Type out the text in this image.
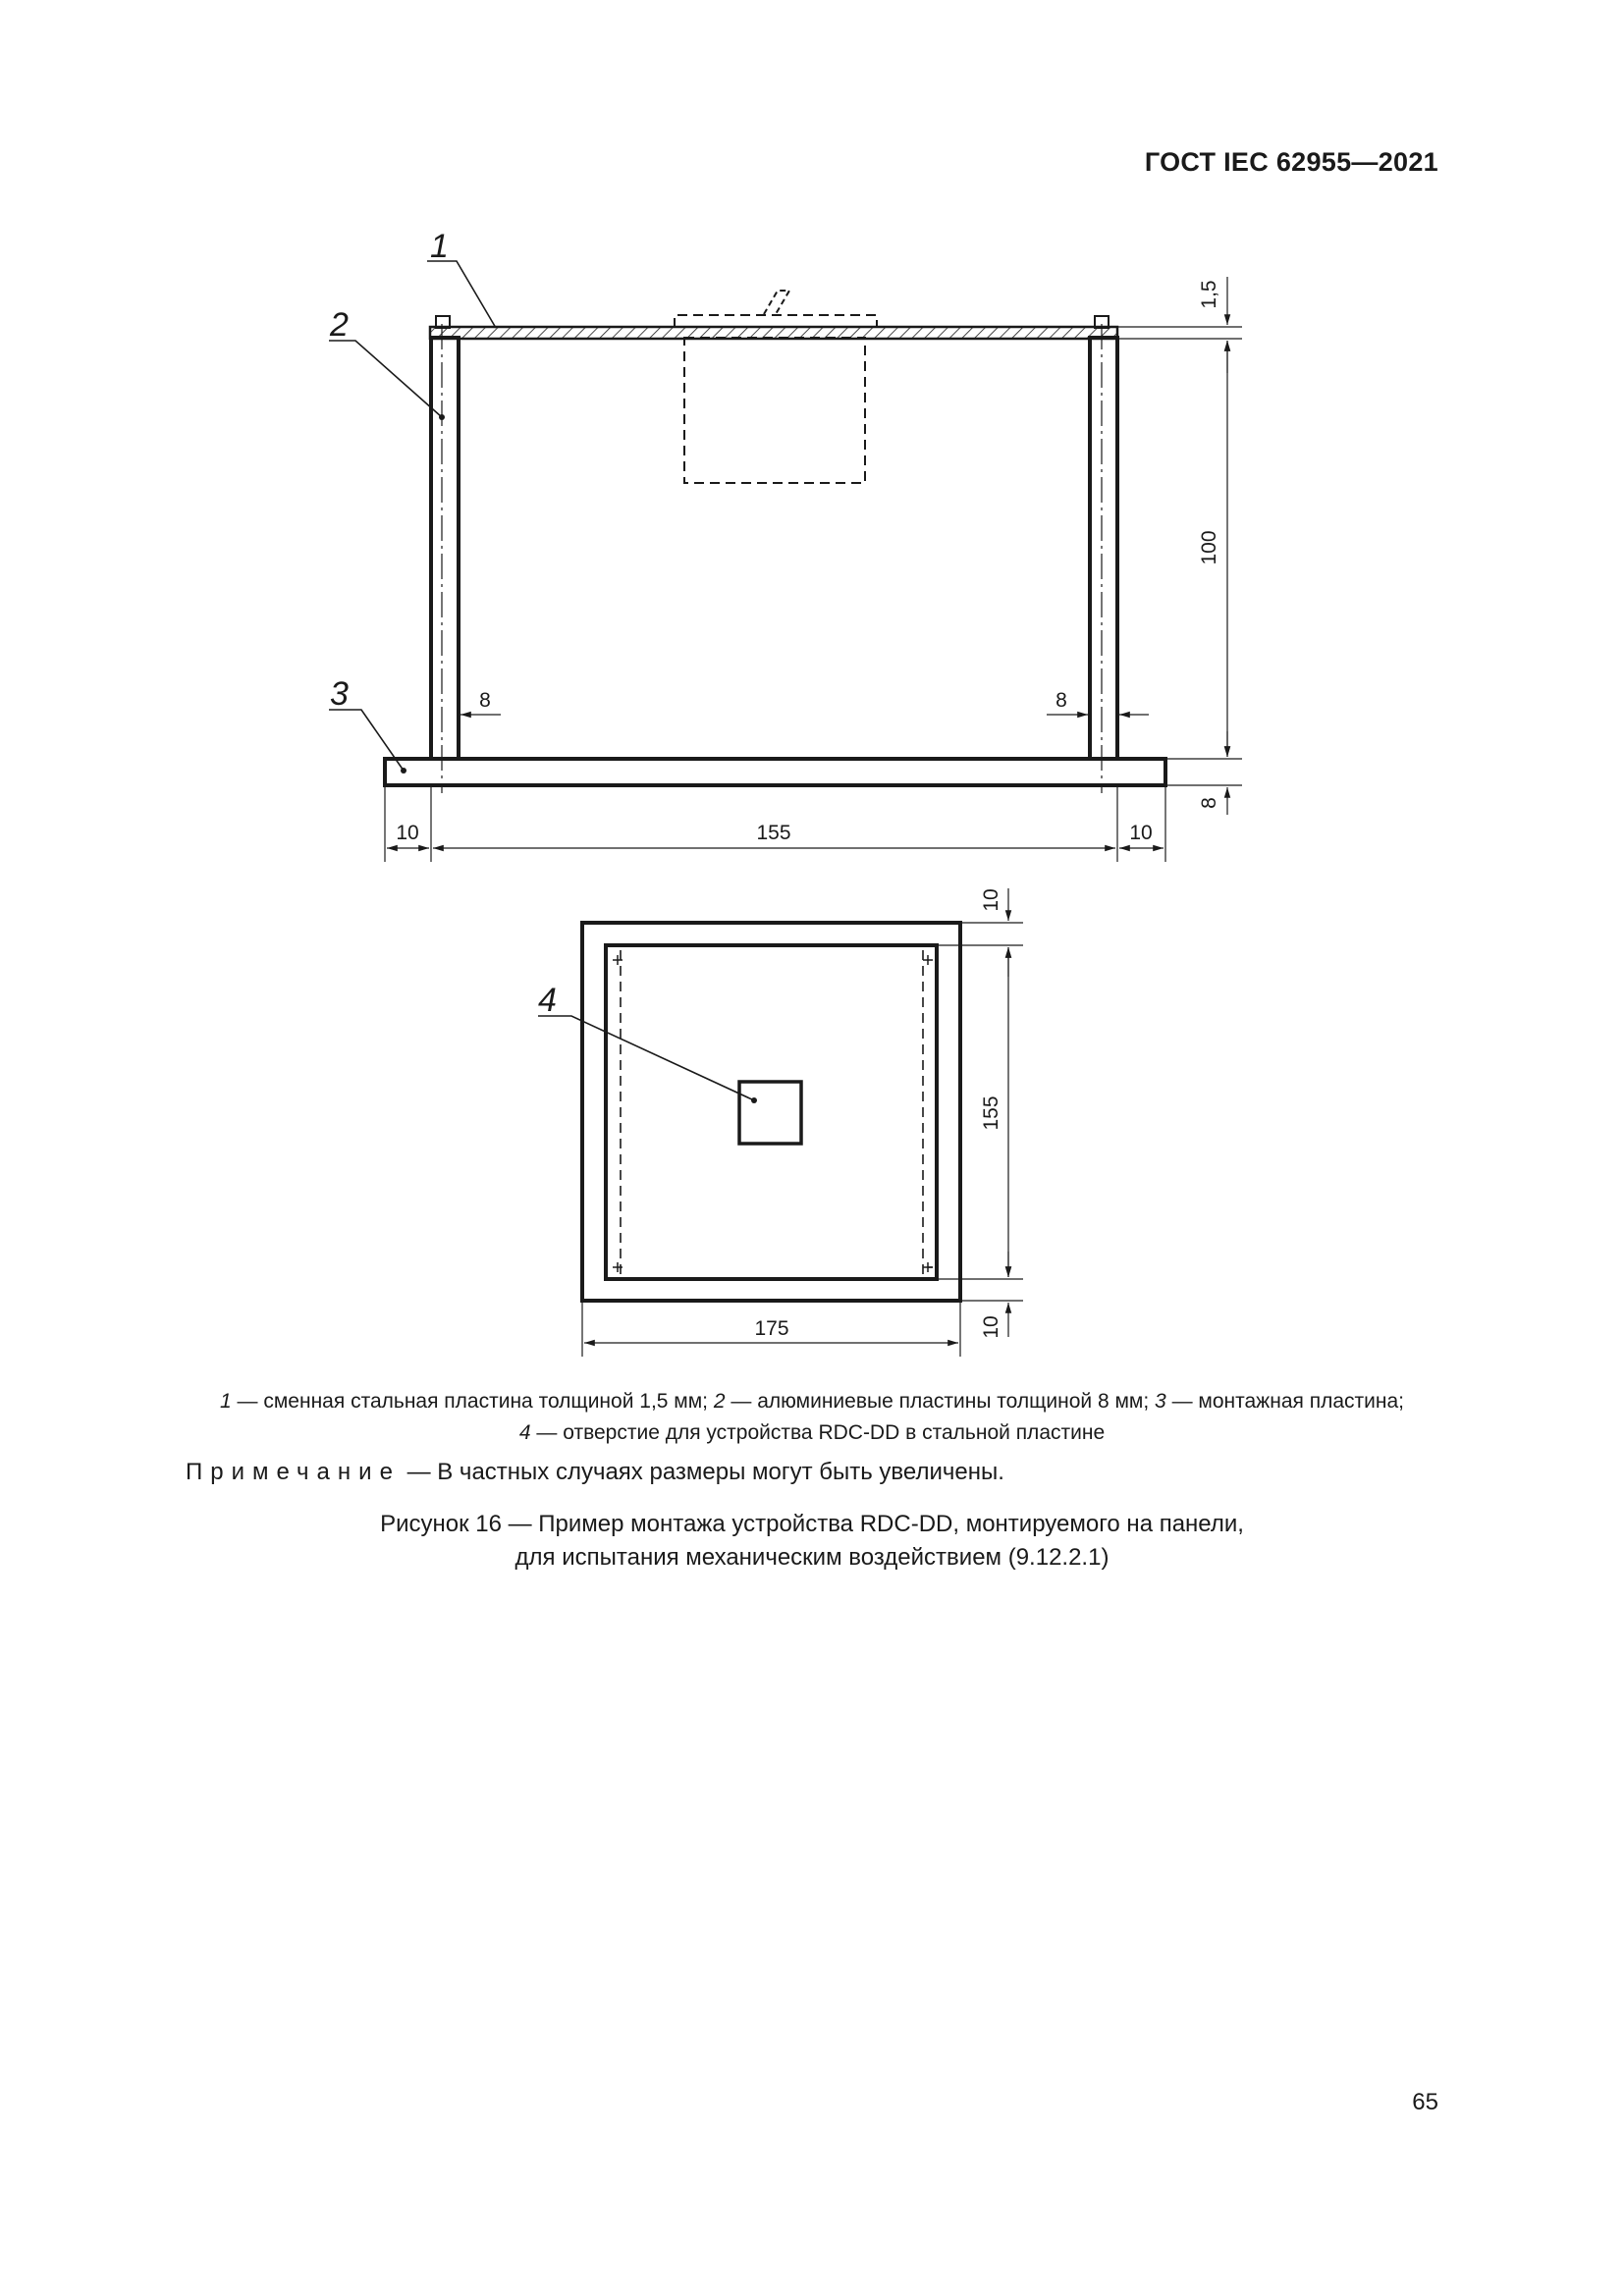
ГОСТ IEC 62955—2021
1
2
3
1,5
100
8
8	8
10	155	10
4
10
155
10
175
1 — сменная стальная пластина толщиной 1,5 мм; 2 — алюминиевые пластины толщиной 8 мм; 3 — монтажная пластина;
4 — отверстие для устройства RDC-DD в стальной пластине
Примечание — В частных случаях размеры могут быть увеличены.
Рисунок 16 — Пример монтажа устройства RDC-DD, монтируемого на панели,
для испытания механическим воздействием (9.12.2.1)
65
